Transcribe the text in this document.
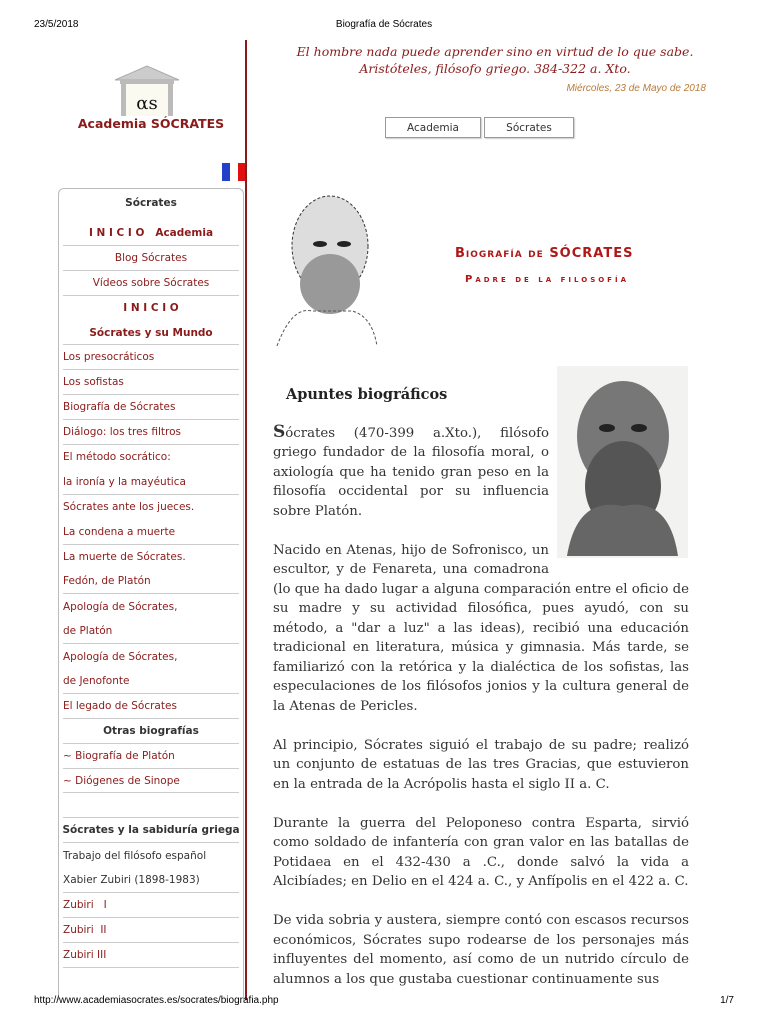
23/5/2018	Biografía de Sócrates
αs
Academia SÓCRATES
El hombre nada puede aprender sino en virtud de lo que sabe.
Aristóteles, filósofo griego. 384-322 a. Xto.
Miércoles, 23 de Mayo de 2018
Academia	Sócrates
Sócrates
I N I C I O   Academia
Blog Sócrates
Vídeos sobre Sócrates
I N I C I O
Sócrates y su Mundo
Los presocráticos
Los sofistas
Biografía de Sócrates
Diálogo: los tres filtros
El método socrático:
la ironía y la mayéutica
Sócrates ante los jueces.
La condena a muerte
La muerte de Sócrates.
Fedón, de Platón
Apología de Sócrates,
de Platón
Apología de Sócrates,
de Jenofonte
El legado de Sócrates
Otras biografías
~ Biografía de Platón
~ Diógenes de Sinope
Sócrates y la sabiduría griega
Trabajo del filósofo español
Xabier Zubiri (1898-1983)
Zubiri   I
Zubiri  II
Zubiri III
Biografía de SÓCRATES
Padre de la filosofía
Apuntes biográficos

Sócrates (470-399 a.Xto.), filósofo griego fundador de la filosofía moral, o axiología que ha tenido gran peso en la filosofía occidental por su influencia sobre Platón.

Nacido en Atenas, hijo de Sofronisco, un escultor, y de Fenareta, una comadrona (lo que ha dado lugar a alguna comparación entre el oficio de su madre y su actividad filosófica, pues ayudó, con su método, a "dar a luz" a las ideas), recibió una educación tradicional en literatura, música y gimnasia. Más tarde, se familiarizó con la retórica y la dialéctica de los sofistas, las especulaciones de los filósofos jonios y la cultura general de la Atenas de Pericles.

Al principio, Sócrates siguió el trabajo de su padre; realizó un conjunto de estatuas de las tres Gracias, que estuvieron en la entrada de la Acrópolis hasta el siglo II a. C.

Durante la guerra del Peloponeso contra Esparta, sirvió como soldado de infantería con gran valor en las batallas de Potidaea en el 432-430 a .C., donde salvó la vida a Alcibíades; en Delio en el 424 a. C., y Anfípolis en el 422 a. C.

De vida sobria y austera, siempre contó con escasos recursos económicos, Sócrates supo rodearse de los personajes más influyentes del momento, así como de un nutrido círculo de alumnos a los que gustaba cuestionar continuamente sus

http://www.academiasocrates.es/socrates/biografia.php	1/7
